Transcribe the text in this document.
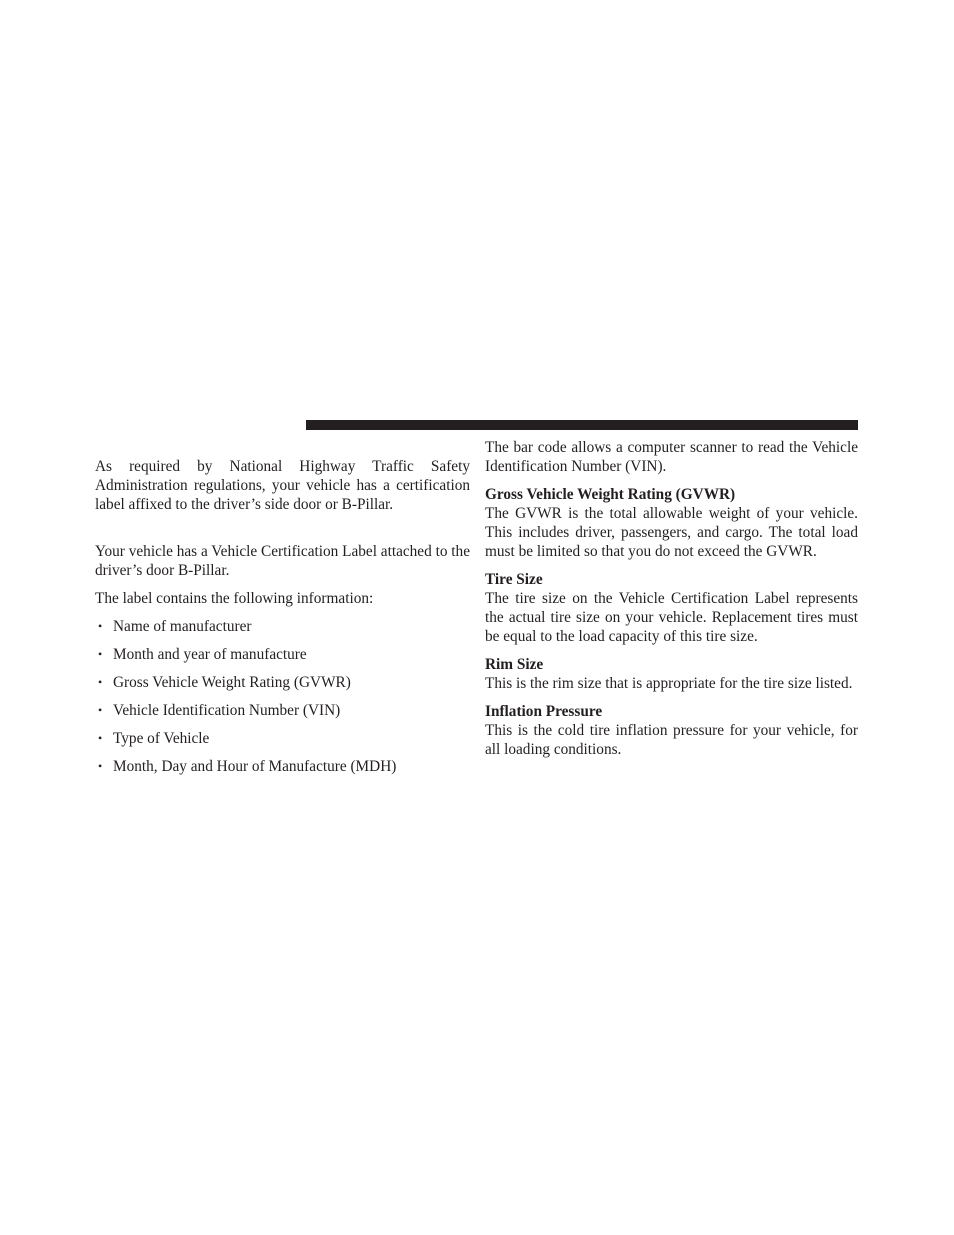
As required by National Highway Traffic Safety Administration regulations, your vehicle has a certification label affixed to the driver’s side door or B-Pillar.

Your vehicle has a Vehicle Certification Label attached to the driver’s door B-Pillar.

The label contains the following information:

• Name of manufacturer
• Month and year of manufacture
• Gross Vehicle Weight Rating (GVWR)
• Vehicle Identification Number (VIN)
• Type of Vehicle
• Month, Day and Hour of Manufacture (MDH)

The bar code allows a computer scanner to read the Vehicle Identification Number (VIN).

Gross Vehicle Weight Rating (GVWR)

The GVWR is the total allowable weight of your vehicle. This includes driver, passengers, and cargo. The total load must be limited so that you do not exceed the GVWR.

Tire Size

The tire size on the Vehicle Certification Label represents the actual tire size on your vehicle. Replacement tires must be equal to the load capacity of this tire size.

Rim Size

This is the rim size that is appropriate for the tire size listed.

Inflation Pressure

This is the cold tire inflation pressure for your vehicle, for all loading conditions.
